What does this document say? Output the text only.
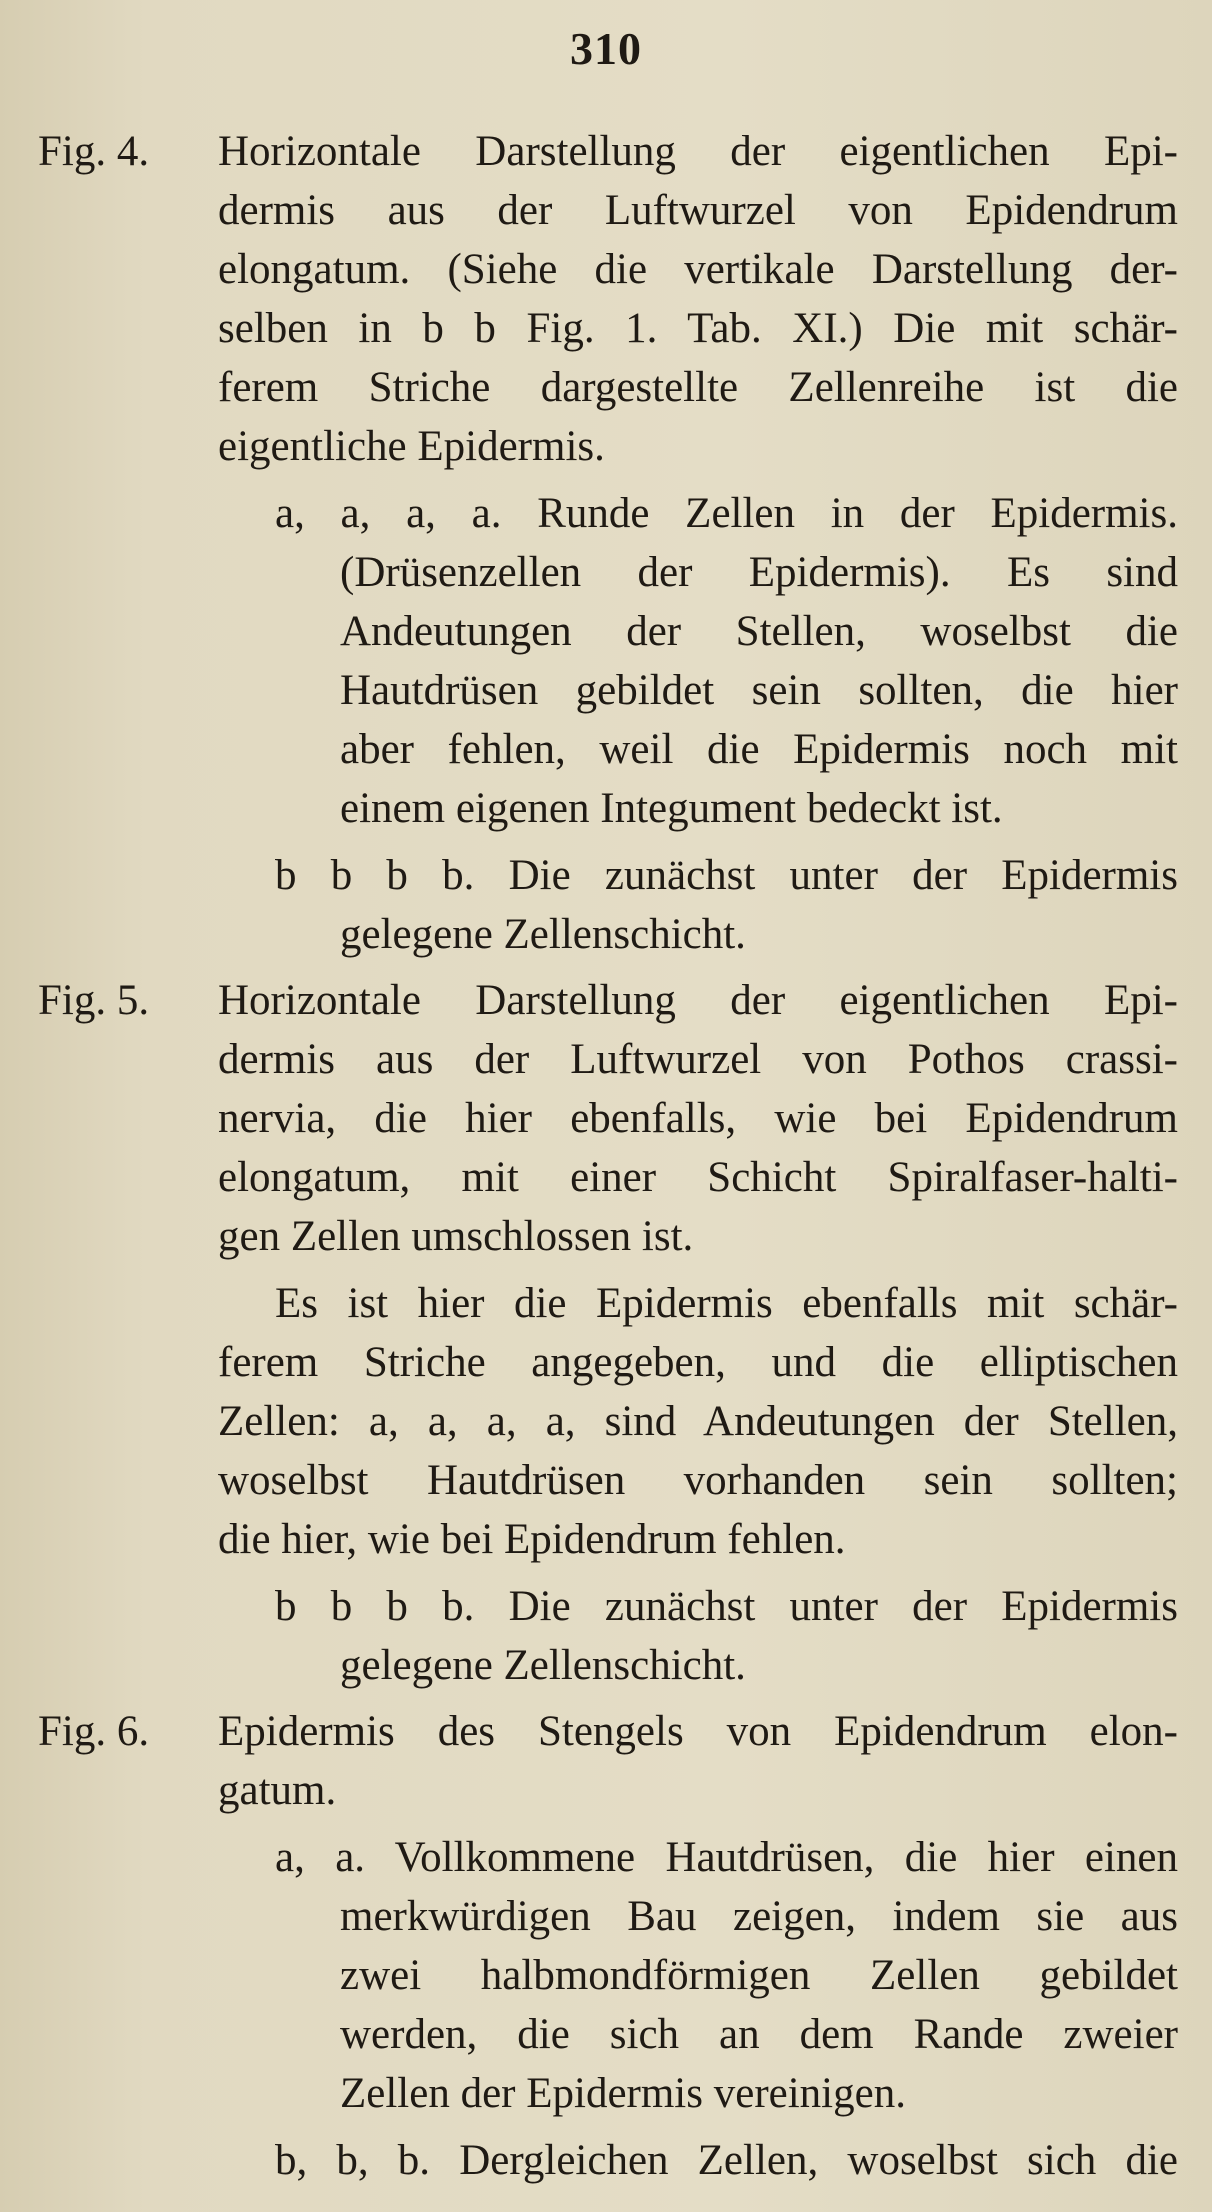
310
Fig. 4. Horizontale Darstellung der eigentlichen Epi-
dermis aus der Luftwurzel von Epidendrum
elongatum. (Siehe die vertikale Darstellung der-
selben in b b Fig. 1. Tab. XI.) Die mit schär-
ferem Striche dargestellte Zellenreihe ist die
eigentliche Epidermis.
a, a, a, a. Runde Zellen in der Epidermis.
(Drüsenzellen der Epidermis). Es sind
Andeutungen der Stellen, woselbst die
Hautdrüsen gebildet sein sollten, die hier
aber fehlen, weil die Epidermis noch mit
einem eigenen Integument bedeckt ist.
b b b b. Die zunächst unter der Epidermis
gelegene Zellenschicht.
Fig. 5. Horizontale Darstellung der eigentlichen Epi-
dermis aus der Luftwurzel von Pothos crassi-
nervia, die hier ebenfalls, wie bei Epidendrum
elongatum, mit einer Schicht Spiralfaser-halti-
gen Zellen umschlossen ist.
Es ist hier die Epidermis ebenfalls mit schär-
ferem Striche angegeben, und die elliptischen
Zellen: a, a, a, a, sind Andeutungen der Stellen,
woselbst Hautdrüsen vorhanden sein sollten;
die hier, wie bei Epidendrum fehlen.
b b b b. Die zunächst unter der Epidermis
gelegene Zellenschicht.
Fig. 6. Epidermis des Stengels von Epidendrum elon-
gatum.
a, a. Vollkommene Hautdrüsen, die hier einen
merkwürdigen Bau zeigen, indem sie aus
zwei halbmondförmigen Zellen gebildet
werden, die sich an dem Rande zweier
Zellen der Epidermis vereinigen.
b, b, b. Dergleichen Zellen, woselbst sich die
